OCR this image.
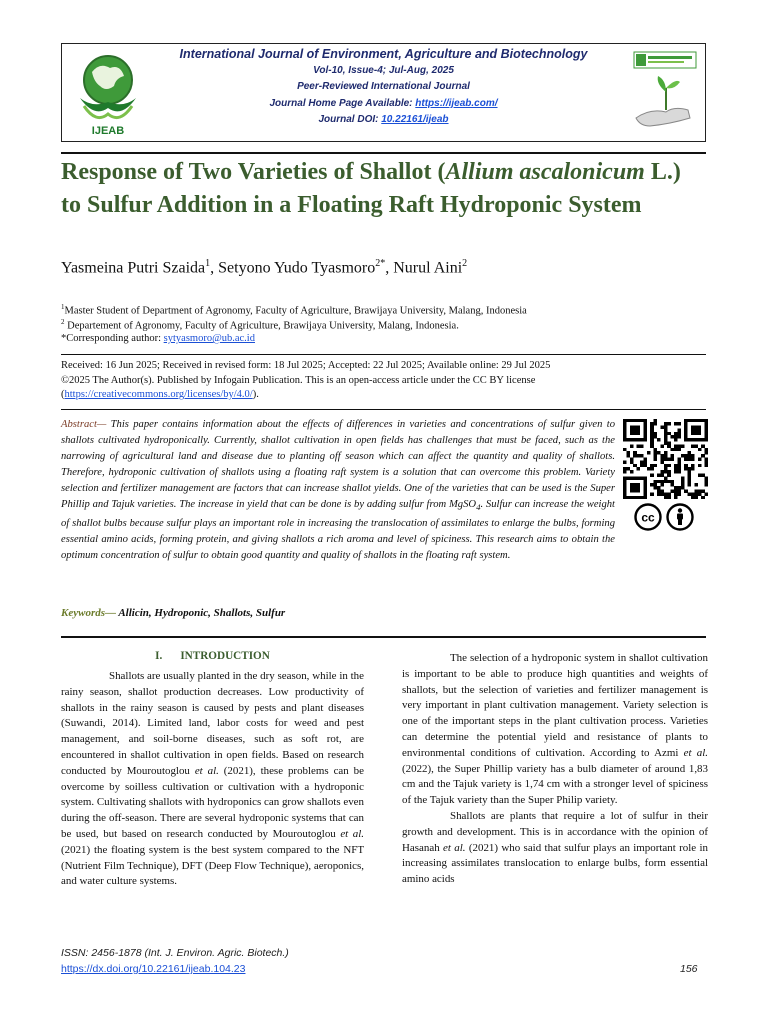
IJEAB
International Journal of Environment, Agriculture and Biotechnology
Vol-10, Issue-4; Jul-Aug, 2025
Peer-Reviewed International Journal
Journal Home Page Available: https://ijeab.com/
Journal DOI: 10.22161/ijeab
Response of Two Varieties of Shallot (Allium ascalonicum L.) to Sulfur Addition in a Floating Raft Hydroponic System
Yasmeina Putri Szaida$^1$, Setyono Yudo Tyasmoro$^{2*}$, Nurul Aini$^2$
$^1$Master Student of Department of Agronomy, Faculty of Agriculture, Brawijaya University, Malang, Indonesia
$^2$ Departement of Agronomy, Faculty of Agriculture, Brawijaya University, Malang, Indonesia.
*Corresponding author: sytyasmoro@ub.ac.id
Received: 16 Jun 2025; Received in revised form: 18 Jul 2025; Accepted: 22 Jul 2025; Available online: 29 Jul 2025
©2025 The Author(s). Published by Infogain Publication. This is an open-access article under the CC BY license
(https://creativecommons.org/licenses/by/4.0/).
Abstract— This paper contains information about the effects of differences in varieties and concentrations of sulfur given to shallots cultivated hydroponically. Currently, shallot cultivation in open fields has challenges that must be faced, such as the narrowing of agricultural land and disease due to planting off season which can affect the quantity and quality of shallots. Therefore, hydroponic cultivation of shallots using a floating raft system is a solution that can overcome this problem. Variety selection and fertilizer management are factors that can increase shallot yields. One of the varieties that can be used is the Super Phillip and Tajuk varieties. The increase in yield that can be done is by adding sulfur from MgSO$_4$. Sulfur can increase the weight of shallot bulbs because sulfur plays an important role in increasing the translocation of assimilates to enlarge the bulbs, forming essential amino acids, forming protein, and giving shallots a rich aroma and level of spiciness. This research aims to obtain the optimum concentration of sulfur to obtain good quantity and quality of shallots in the floating raft system.
cc
Keywords— Allicin, Hydroponic, Shallots, Sulfur
I. INTRODUCTION

Shallots are usually planted in the dry season, while in the rainy season, shallot production decreases. Low productivity of shallots in the rainy season is caused by pests and plant diseases (Suwandi, 2014). Limited land, labor costs for weed and pest management, and soil-borne diseases, such as soft rot, are encountered in shallot cultivation in open fields. Based on research conducted by Mouroutoglou et al. (2021), these problems can be overcome by soilless cultivation or cultivation with a hydroponic system. Cultivating shallots with hydroponics can grow shallots even during the off-season. There are several hydroponic systems that can be used, but based on research conducted by Mouroutoglou et al. (2021) the floating system is the best system compared to the NFT (Nutrient Film Technique), DFT (Deep Flow Technique), aeroponics, and water culture systems.

The selection of a hydroponic system in shallot cultivation is important to be able to produce high quantities and weights of shallots, but the selection of varieties and fertilizer management is very important in plant cultivation management. Variety selection is one of the important steps in the plant cultivation process. Varieties can determine the potential yield and resistance of plants to environmental conditions of cultivation. According to Azmi et al. (2022), the Super Phillip variety has a bulb diameter of around 1,83 cm and the Tajuk variety is 1,74 cm with a stronger level of spiciness of the Tajuk variety than the Super Philip variety.

Shallots are plants that require a lot of sulfur in their growth and development. This is in accordance with the opinion of Hasanah et al. (2021) who said that sulfur plays an important role in increasing assimilates translocation to enlarge bulbs, form essential amino acids

ISSN: 2456-1878 (Int. J. Environ. Agric. Biotech.)
https://dx.doi.org/10.22161/ijeab.104.23	156
